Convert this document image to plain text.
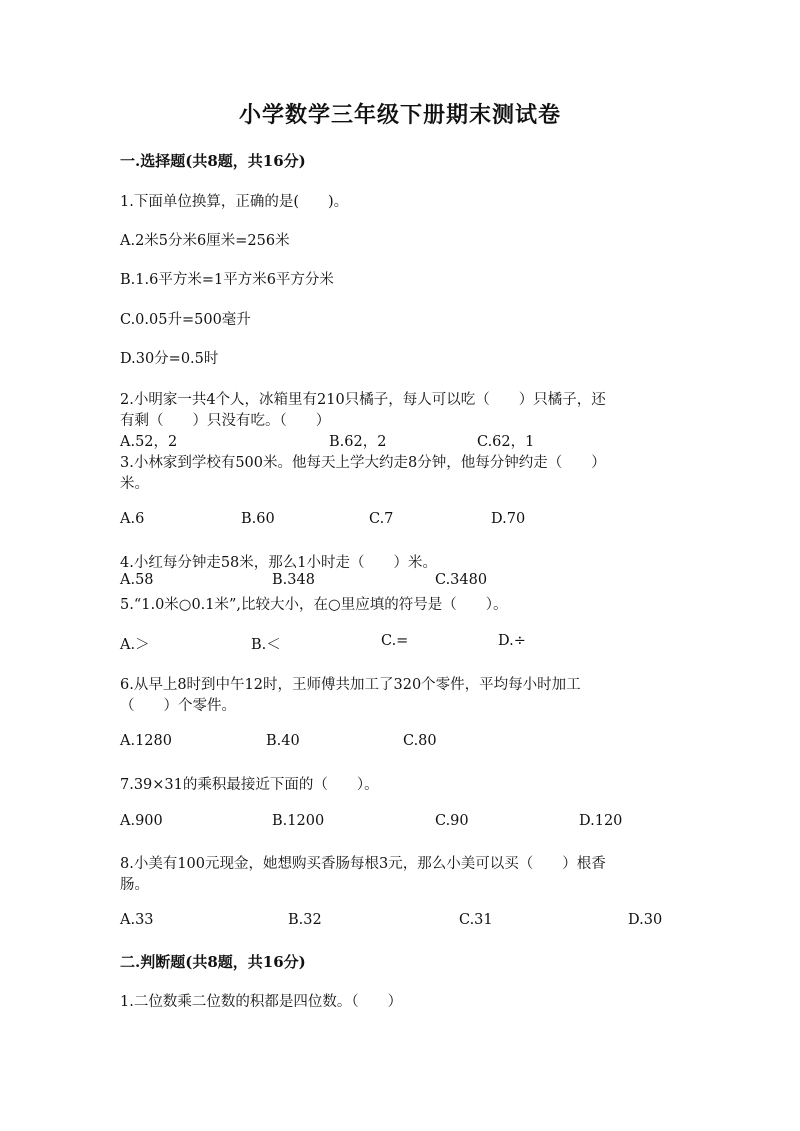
小学数学三年级下册期末测试卷
一.选择题(共8题，共16分)
1.下面单位换算，正确的是(　　)。
A.2米5分米6厘米=256米
B.1.6平方米=1平方米6平方分米
C.0.05升=500毫升
D.30分=0.5时
2.小明家一共4个人，冰箱里有210只橘子，每人可以吃（　　）只橘子，还
有剩（　　）只没有吃。（　　）
A.52，2	B.62，2	C.62，1
3.小林家到学校有500米。他每天上学大约走8分钟，他每分钟约走（　　）
米。
A.6	B.60	C.7	D.70
4.小红每分钟走58米，那么1小时走（　　）米。
A.58	B.348	C.3480
5.“1.0米○0.1米”,比较大小，在○里应填的符号是（　　）。
A.＞	B.＜	C.=	D.÷
6.从早上8时到中午12时，王师傅共加工了320个零件，平均每小时加工
（　　）个零件。
A.1280	B.40	C.80
7.39×31的乘积最接近下面的（　　）。
A.900	B.1200	C.90	D.120
8.小美有100元现金，她想购买香肠每根3元，那么小美可以买（　　）根香
肠。
A.33	B.32	C.31	D.30
二.判断题(共8题，共16分)
1.二位数乘二位数的积都是四位数。（　　）
